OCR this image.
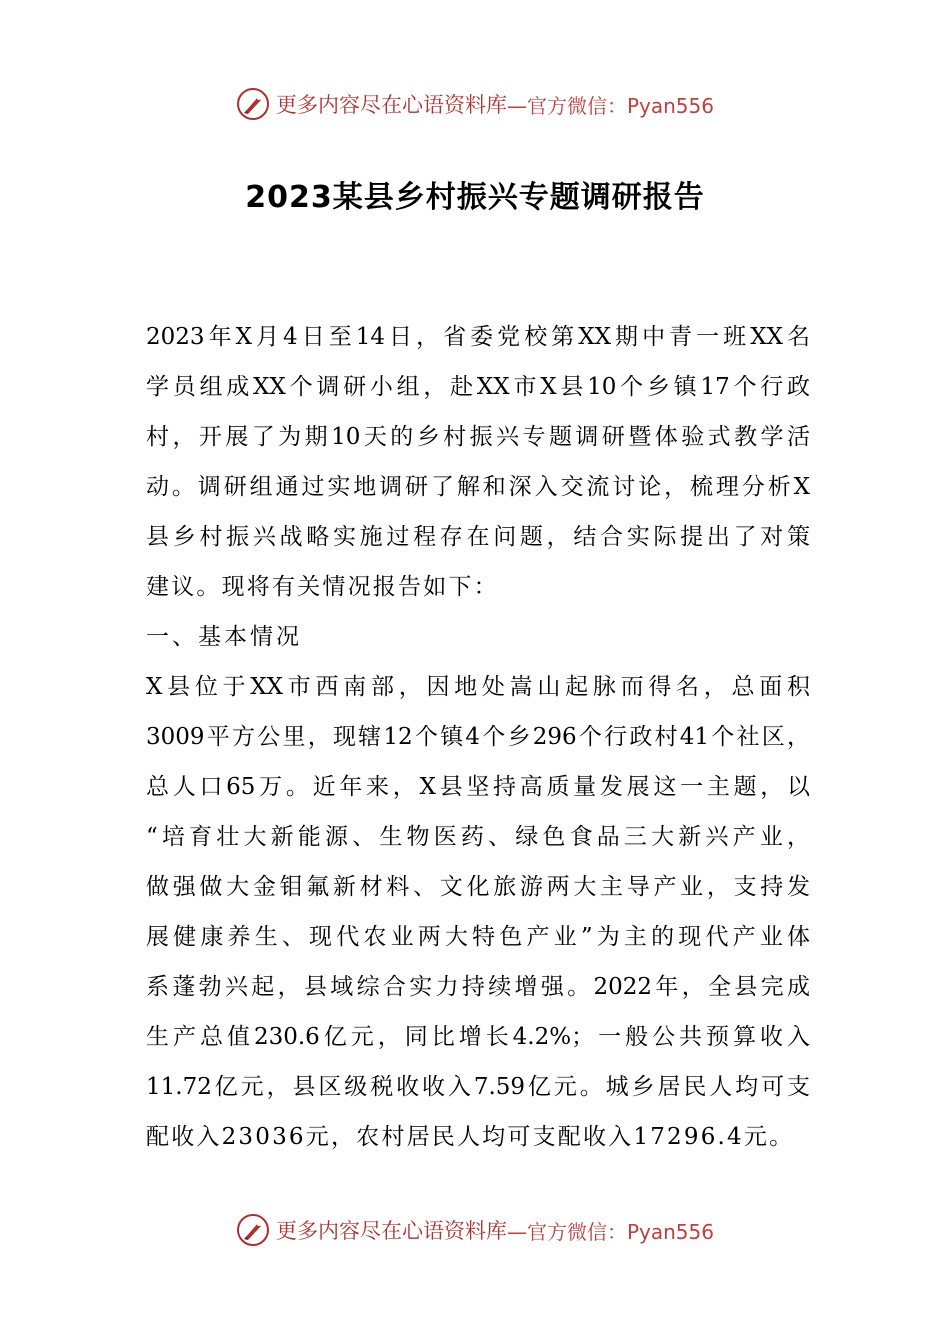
更多内容尽在心语资料库 —官方微信：Pyan556
2023某县乡村振兴专题调研报告
2023年X月4日至14日，省委党校第XX期中青一班XX名
学员组成XX个调研小组，赴XX市X县10个乡镇17个行政
村，开展了为期10天的乡村振兴专题调研暨体验式教学活
动。调研组通过实地调研了解和深入交流讨论，梳理分析X
县乡村振兴战略实施过程存在问题，结合实际提出了对策
建议。现将有关情况报告如下：
一、基本情况
X县位于XX市西南部，因地处嵩山起脉而得名，总面积
3009平方公里，现辖12个镇4个乡296个行政村41个社区，
总人口65万。近年来，X县坚持高质量发展这一主题，以
“培育壮大新能源、生物医药、绿色食品三大新兴产业，
做强做大金钼氟新材料、文化旅游两大主导产业，支持发
展健康养生、现代农业两大特色产业”为主的现代产业体
系蓬勃兴起，县域综合实力持续增强。2022年，全县完成
生产总值230.6亿元，同比增长4.2%；一般公共预算收入
11.72亿元，县区级税收收入7.59亿元。城乡居民人均可支
配收入23036元，农村居民人均可支配收入17296.4元。
更多内容尽在心语资料库 —官方微信：Pyan556
